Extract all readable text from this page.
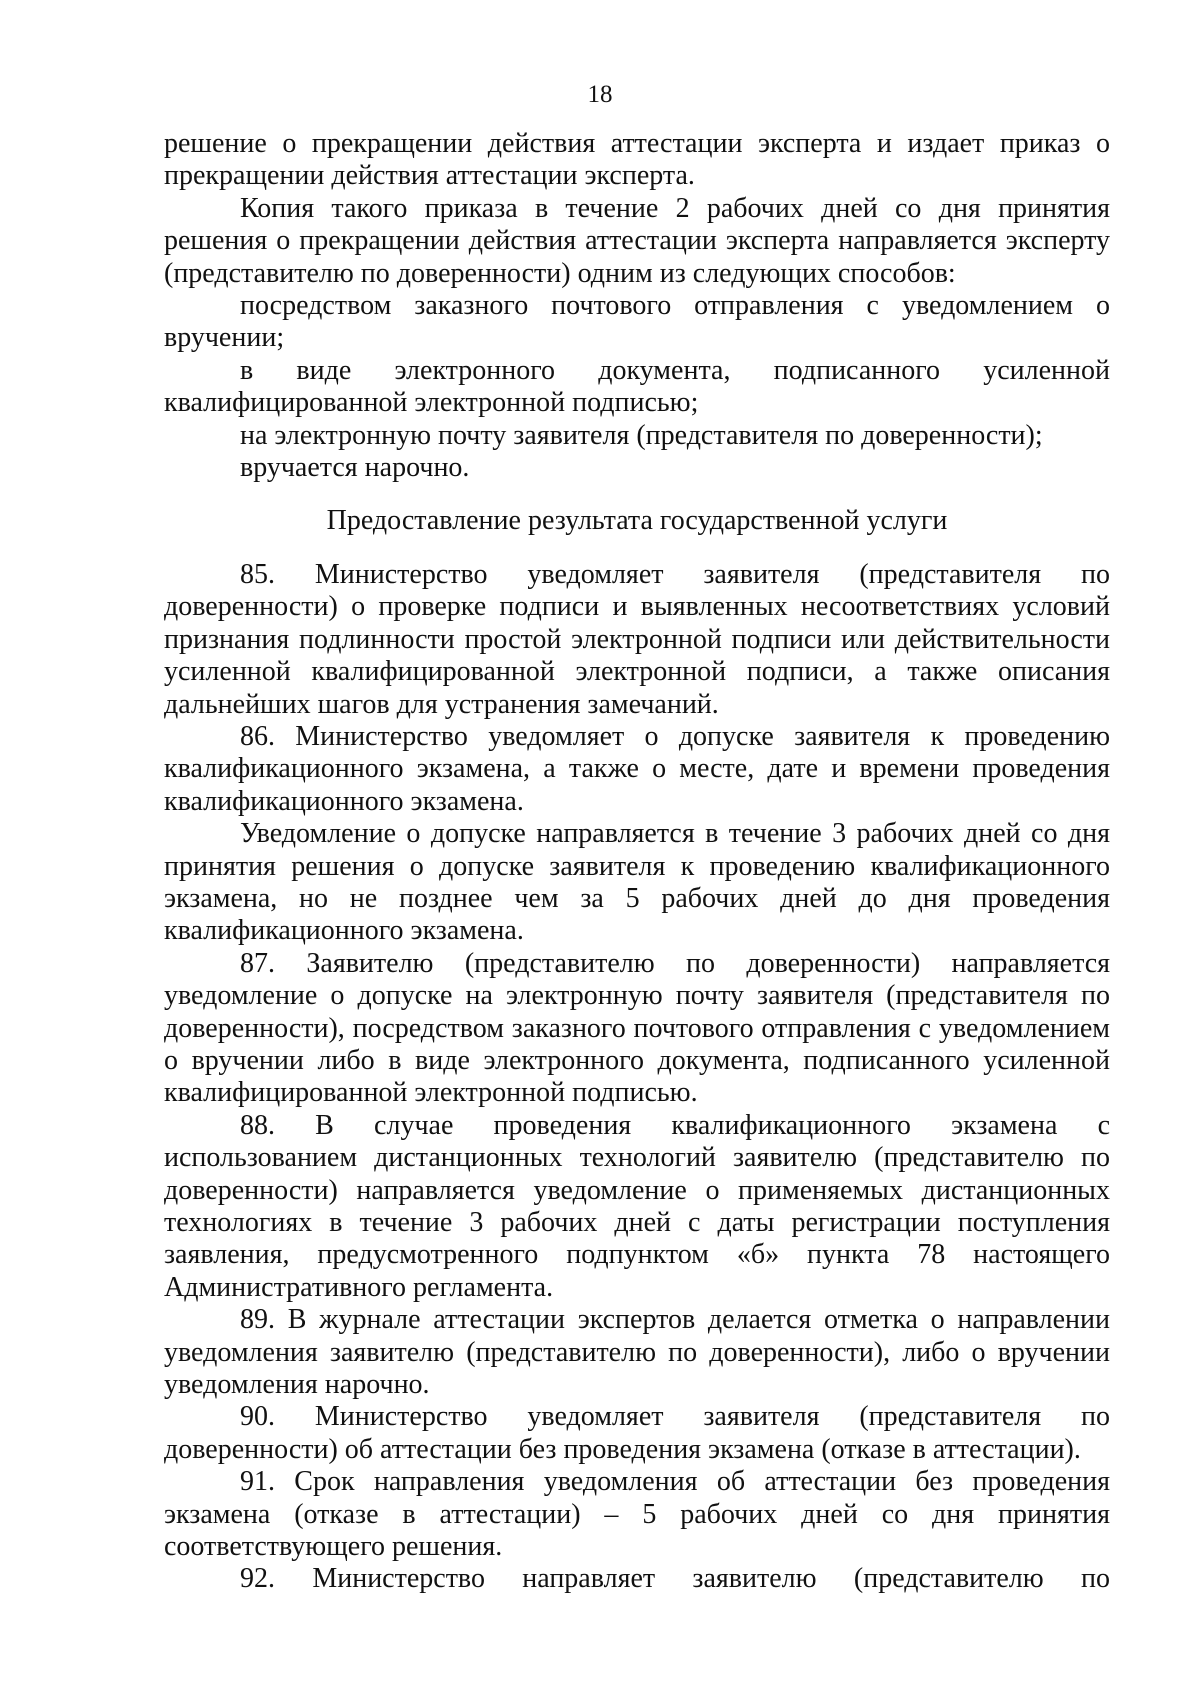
18

решение о прекращении действия аттестации эксперта и издает приказ о прекращении действия аттестации эксперта.

Копия такого приказа в течение 2 рабочих дней со дня принятия решения о прекращении действия аттестации эксперта направляется эксперту (представителю по доверенности) одним из следующих способов:

посредством заказного почтового отправления с уведомлением о вручении;

в виде электронного документа, подписанного усиленной квалифицированной электронной подписью;

на электронную почту заявителя (представителя по доверенности);

вручается нарочно.

Предоставление результата государственной услуги

85. Министерство уведомляет заявителя (представителя по доверенности) о проверке подписи и выявленных несоответствиях условий признания подлинности простой электронной подписи или действительности усиленной квалифицированной электронной подписи, а также описания дальнейших шагов для устранения замечаний.

86. Министерство уведомляет о допуске заявителя к проведению квалификационного экзамена, а также о месте, дате и времени проведения квалификационного экзамена.

Уведомление о допуске направляется в течение 3 рабочих дней со дня принятия решения о допуске заявителя к проведению квалификационного экзамена, но не позднее чем за 5 рабочих дней до дня проведения квалификационного экзамена.

87. Заявителю (представителю по доверенности) направляется уведомление о допуске на электронную почту заявителя (представителя по доверенности), посредством заказного почтового отправления с уведомлением о вручении либо в виде электронного документа, подписанного усиленной квалифицированной электронной подписью.

88. В случае проведения квалификационного экзамена с использованием дистанционных технологий заявителю (представителю по доверенности) направляется уведомление о применяемых дистанционных технологиях в течение 3 рабочих дней с даты регистрации поступления заявления, предусмотренного подпунктом «б» пункта 78 настоящего Административного регламента.

89. В журнале аттестации экспертов делается отметка о направлении уведомления заявителю (представителю по доверенности), либо о вручении уведомления нарочно.

90. Министерство уведомляет заявителя (представителя по доверенности) об аттестации без проведения экзамена (отказе в аттестации).

91. Срок направления уведомления об аттестации без проведения экзамена (отказе в аттестации) – 5 рабочих дней со дня принятия соответствующего решения.

92. Министерство направляет заявителю (представителю по
